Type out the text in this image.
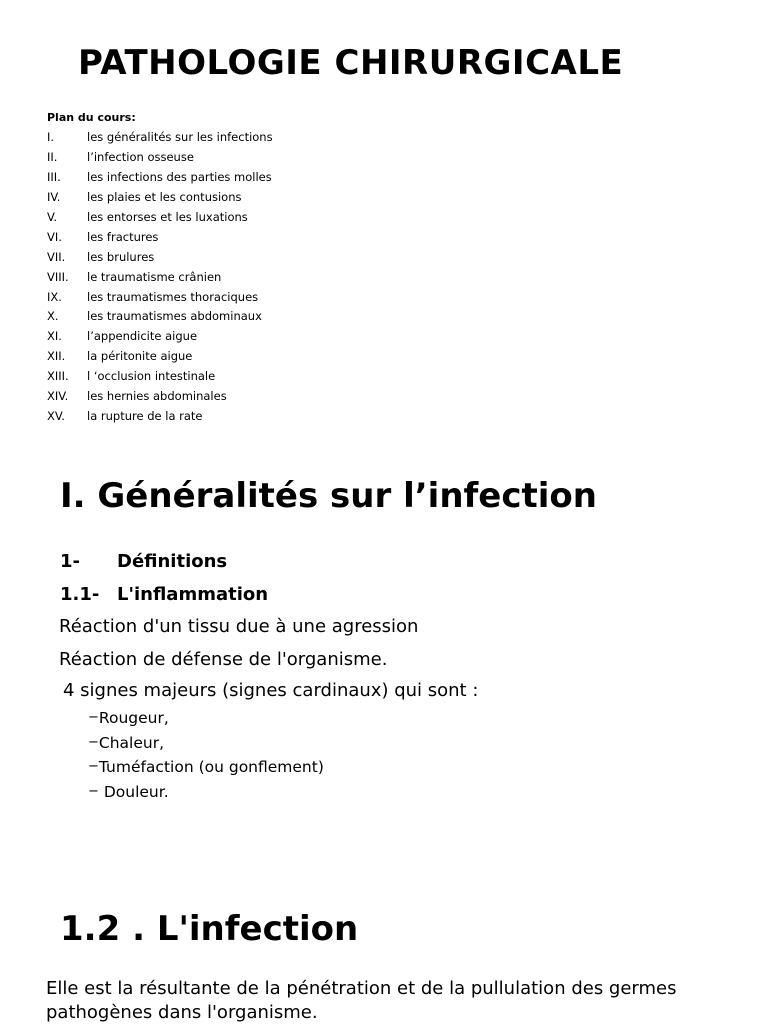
PATHOLOGIE CHIRURGICALE
Plan du cours:
I.	les généralités sur les infections
II.	l’infection osseuse
III.	les infections des parties molles
IV.	les plaies et les contusions
V.	les entorses et les luxations
VI.	les fractures
VII.	les brulures
VIII.	le traumatisme crânien
IX.	les traumatismes thoraciques
X.	les traumatismes abdominaux
XI.	l’appendicite aigue
XII.	la péritonite aigue
XIII.	l ‘occlusion intestinale
XIV.	les hernies abdominales
XV.	la rupture de la rate
I. Généralités sur l’infection
1-	Définitions
1.1- L'inflammation
Réaction d'un tissu due à une agression
Réaction de défense de l'organisme.
4 signes majeurs (signes cardinaux) qui sont :
−Rougeur,
−Chaleur,
−Tuméfaction (ou gonflement)
− Douleur.
1.2 . L'infection

Elle est la résultante de la pénétration et de la pullulation des germes pathogènes dans l'organisme.
